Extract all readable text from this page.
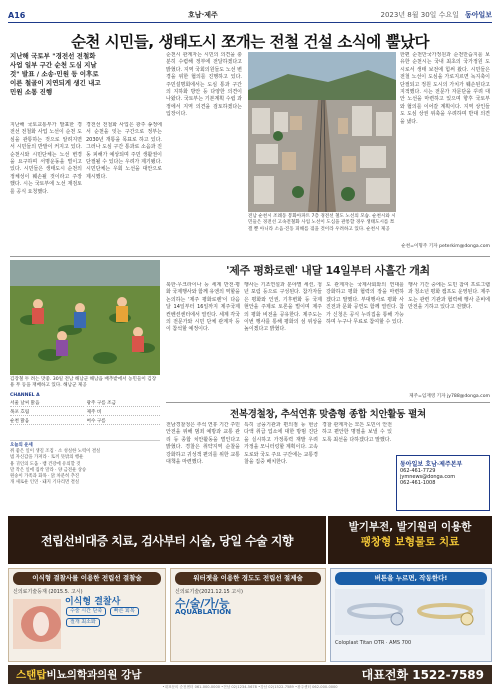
A16	호남·제주	2023년 8월 30일 수요일 동아일보
순천 시민들, 생태도시 쪼개는 전철 건설 소식에 뿔났다
지난해 국토부 "경전선 전철화 사업 일부 구간 순천 도심 지날 것" 발표 / 소송·민원 등 이후로 이른 철골이 지연되게 생긴 내고 민원 소통 진행
지난해 국토교통부가 발표한 경전선 전철화 사업 노선이 순천 도심을 관통하는 것으로 알려지면서 시민들의 반발이 커지고 있다. 순천시와 시민단체는 노선 변경을 요구하며 서명운동을 벌이고 있다. 시민들은 생태도시 순천의 정체성이 훼손될 것이라고 주장했다. 시는 국토부에 노선 재검토를 공식 요청했다.
경전선 전철화 사업은 광주 송정에서 순천을 잇는 구간으로 정부는 2030년 개통을 목표로 하고 있다. 그러나 도심 구간 통과로 소음과 진동 피해가 예상되며 주민 생활권이 단절될 수 있다는 우려가 제기됐다. 시민단체는 우회 노선을 대안으로 제시했다.
순천시 관계자는 시민의 의견을 충분히 수렴해 정부에 전달하겠다고 밝혔다. 지역 국회의원들도 노선 변경을 위한 협의를 진행하고 있다. 주민설명회에서는 도심 통과 구간의 지하화 방안 등 다양한 의견이 나왔다. 국토부는 기본계획 수립 과정에서 지역 의견을 검토하겠다는 입장이다.
전남 순천시 조례동 봉화아파트 7층 경전선 철도 노선의 모습. 순천시와 시민들은 경전선 고속전철화 사업 노선이 도심을 관통할 경우 생태도시를 쪼갤 뿐 아니라 소음·진동 피해를 겪을 것이라 우려하고 있다. 순천시 제공
한편 순천만국가정원과 순천만습지를 보유한 순천시는 국내 최초의 국가정원 도시로서 생태 보전에 힘써 왔다. 시민들은 전철 노선이 도심을 가로지르면 녹지축이 단절되고 정원 도시의 가치가 훼손된다고 지적했다. 시는 전문가 자문단을 꾸려 대안 노선을 마련하고 있으며 향후 국토부와 협의를 이어갈 계획이다. 지역 상인들도 도심 상권 위축을 우려하며 반대 의견을 냈다.
순천=이형주 기자 peterkim@donga.com
김장철 두 려는 맛좋. 30일 전남 해남군 해남읍 배추밭에서 농민들이 김장용 무 등을 재배하고 있다. 해남군 제공
'제주 평화로렌' 내달 14일부터 사흘간 개최
북한·우크라이나 등 세계 반전·평화 국제행사와 함께 유엔의 역할을 논의하는 '제주 평화로렌'이 다음 달 14일부터 16일까지 제주국제컨벤션센터에서 열린다. 세계 각국의 전문가와 시민 단체 관계자 등이 참석할 예정이다.
행사는 기조연설과 분야별 세션, 청년 포럼 등으로 구성된다. 참가자들은 평화와 인권, 기후변화 등 국제 현안을 주제로 토론을 벌이며 제주의 평화 비전을 공유한다. 제주도는 이번 행사를 통해 평화의 섬 위상을 높이겠다고 밝혔다.
도 관계자는 국제사회와의 연대를 강화하고 평화 협력의 장을 마련하겠다고 말했다. 부대행사로 평화 사진전과 문화 공연도 함께 열린다. 참가 신청은 공식 누리집을 통해 가능하며 누구나 무료로 참여할 수 있다.
행사 기간 중에는 도민 참여 프로그램과 청소년 평화 캠프도 운영된다. 제주도는 관련 기관과 협력해 행사 준비에 만전을 기하고 있다고 전했다.
제주=임재영 기자 jy788@donga.com
전복경철창, 추석연휴 맞춤형 종합 치안활동 펼쳐
전남경찰청은 추석 연휴 기간 주민 안전을 위해 범죄 예방과 교통 관리 등 종합 치안활동을 벌인다고 밝혔다. 경찰은 취약지역 순찰을 강화하고 귀성객 편의를 위한 교통 대책을 마련했다.
특히 금융기관과 편의점 등 현금 다액 취급 업소에 대한 방범 진단을 실시하고 가정폭력 재발 우려 가정을 모니터링할 계획이다. 고속도로와 국도 주요 구간에는 교통경찰을 집중 배치한다.
경찰 관계자는 모든 도민이 안전하고 편안한 명절을 보낼 수 있도록 최선을 다하겠다고 말했다.
CHANNEL A
서울 날씨 맑음	광주 구름 조금
목포 흐림	제주 비
순천 맑음	여수 구름
오늘의 운세
쥐 좋은 일이 생길 조짐 · 소 성실한 노력이 결실
범 자신감을 가져라 · 토끼 뜻밖의 행운
용 귀인의 도움 · 뱀 건강에 유의할 것
말 작은 일에 집착 말라 · 양 금전운 상승
원숭이 가족과 화목 · 닭 차분히 추진
개 새로운 인연 · 돼지 기다리면 결실
동아일보 호남·제주본부
062-461-7729
jymnews@donga.com
062-461-1008
전립선비대증 치료, 검사부터 시술, 당일 수술 지향
발기부전, 발기원리 이용한
팽창형 보형물로 치료
이식형 결찰사를 이용한 전립선 결찰술
신의료기술등재 (2015.5. 고시)
이식형 결찰사
수술 시간 단축 빠른 회복 절개 최소화
워터젯을 이용한 경도도 전립선 절제술
신의료기술(2021.12.15 고시)
수/술/가/능
AQUABLATION
버튼을 누르면, 작동한다!
Coloplast Titan OTR · AMS 700
스탠탑비뇨의학과의원 강남	대표전화 1522-7589
•대표문의 순천센터 061-000-0000 •전남 02)1234-5678 •강남 02)1522-7589 •광주센터 062-000-0000
